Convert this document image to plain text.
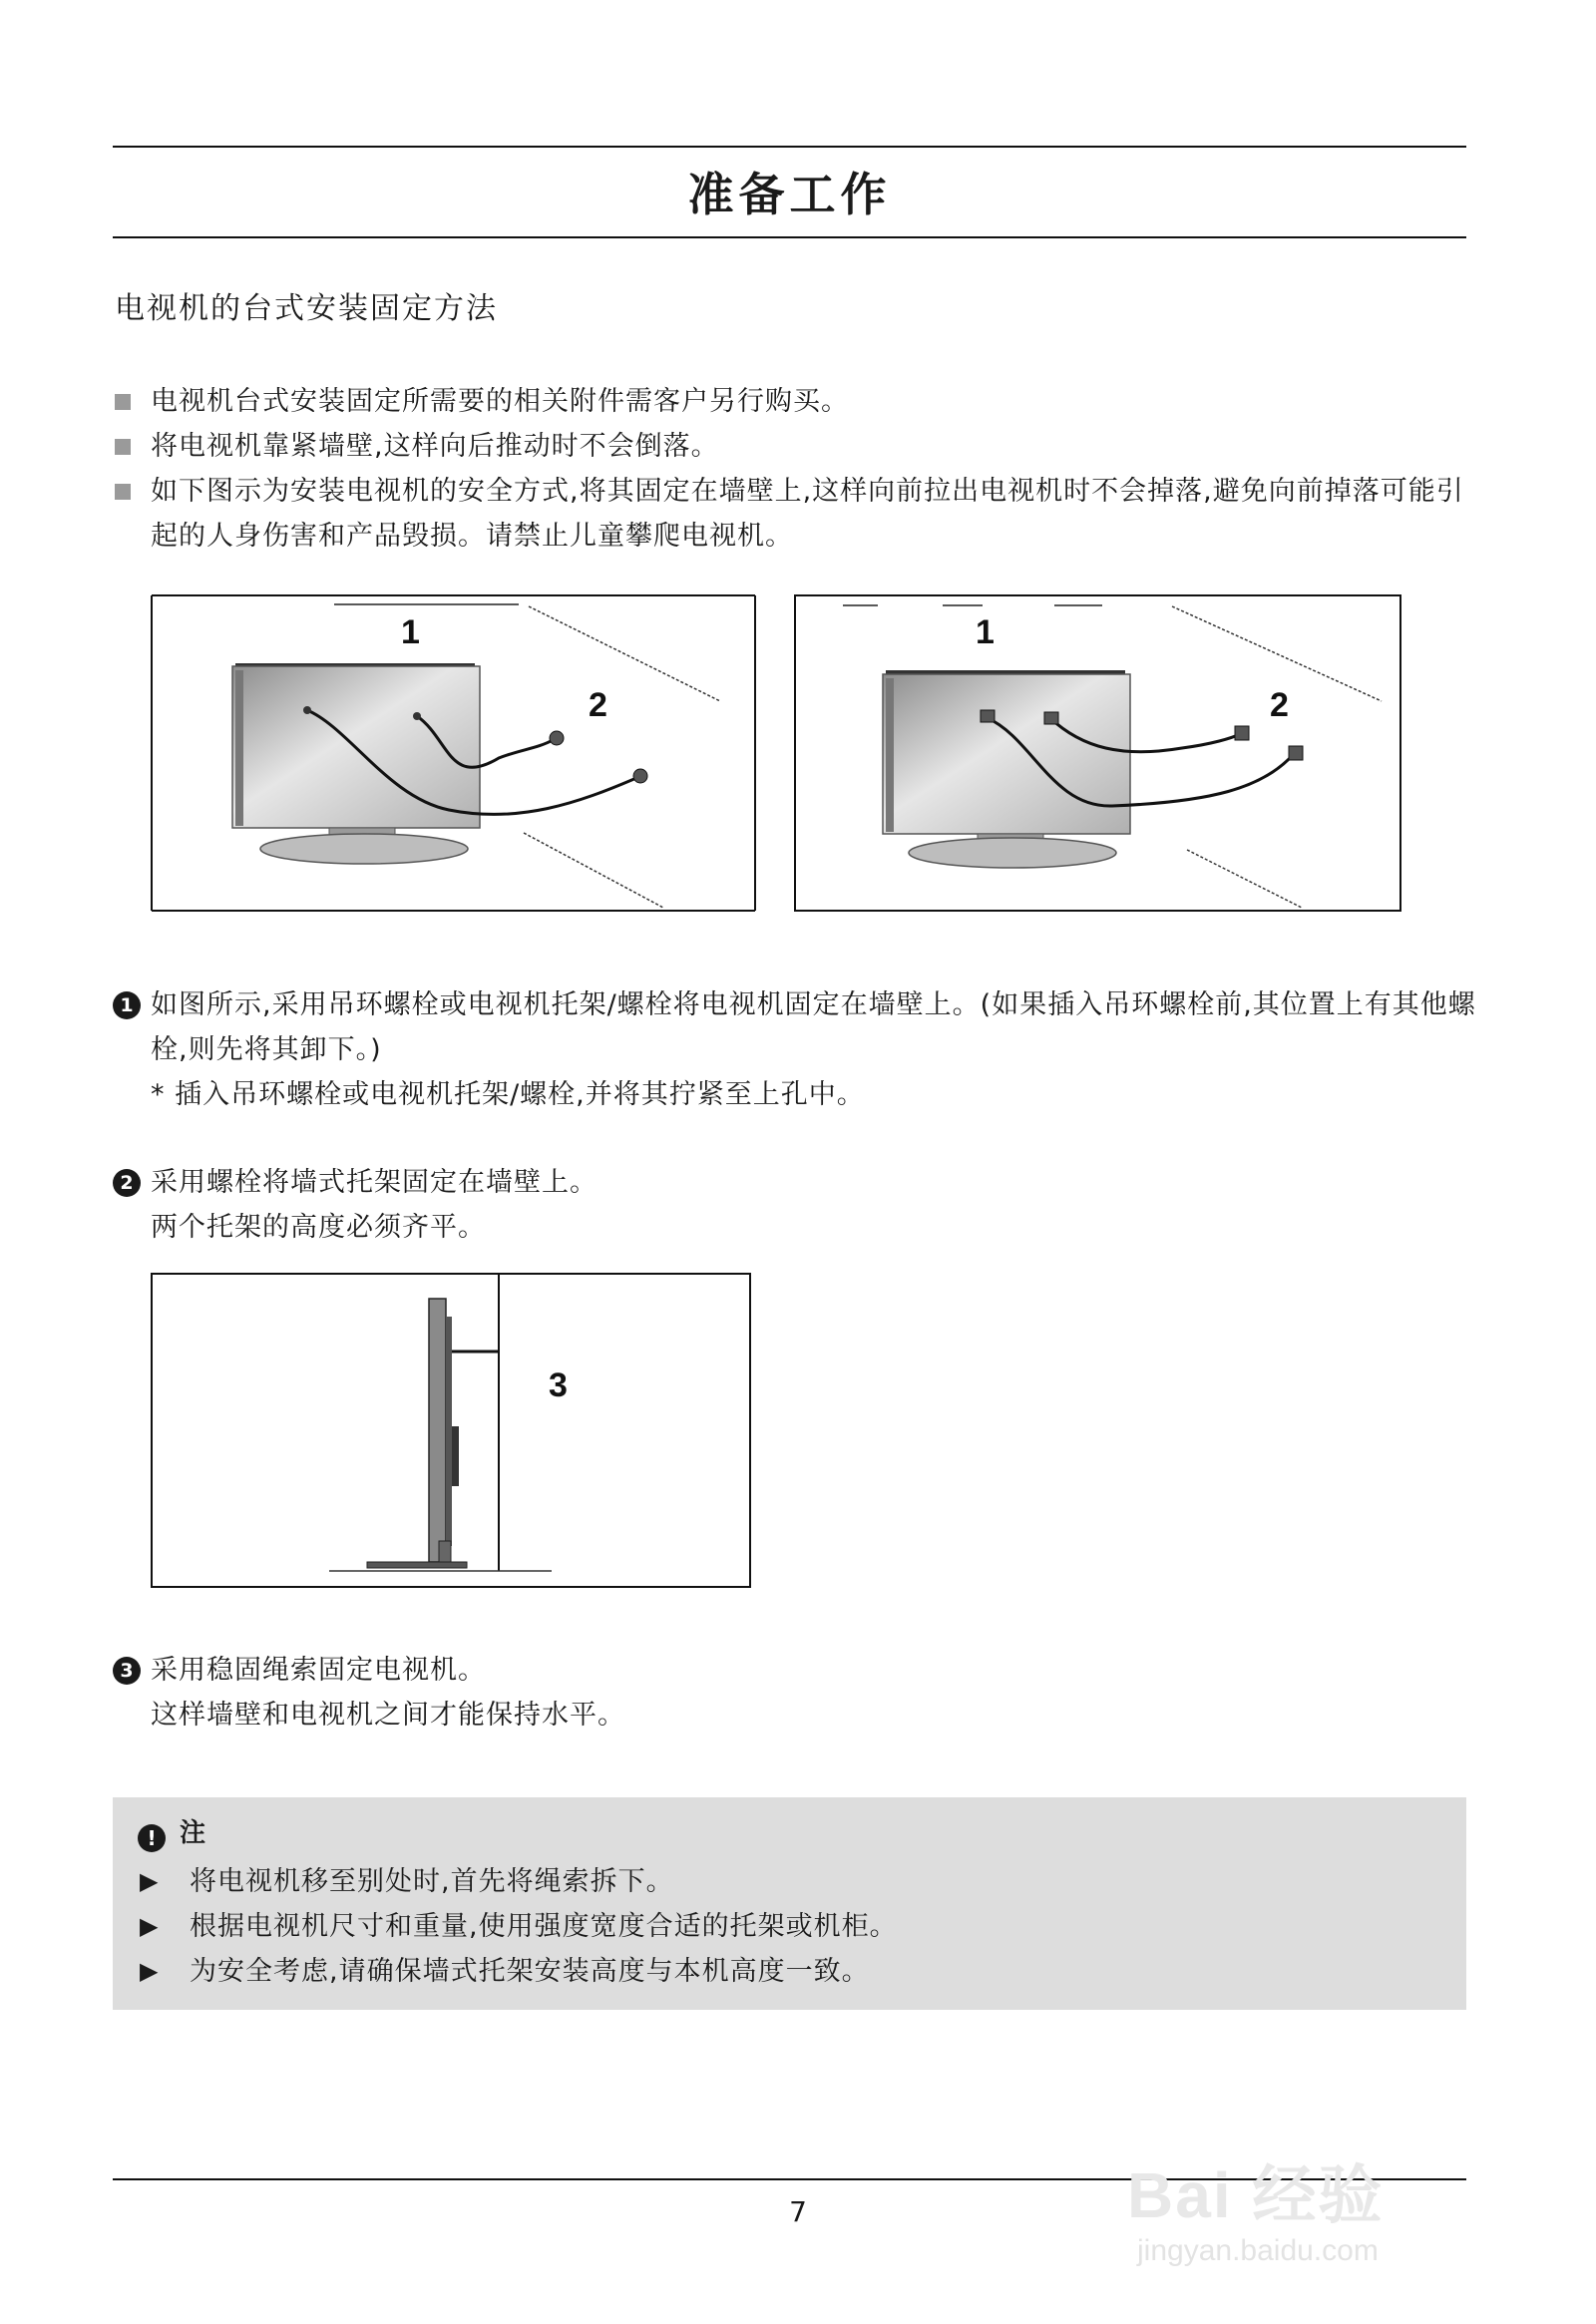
准备工作
电视机的台式安装固定方法
电视机台式安装固定所需要的相关附件需客户另行购买。
将电视机靠紧墙壁,这样向后推动时不会倒落。
如下图示为安装电视机的安全方式,将其固定在墙壁上,这样向前拉出电视机时不会掉落,避免向前掉落可能引起的人身伤害和产品毁损。请禁止儿童攀爬电视机。
1
2
1
2
1 如图所示,采用吊环螺栓或电视机托架/螺栓将电视机固定在墙壁上。(如果插入吊环螺栓前,其位置上有其他螺栓,则先将其卸下。)
* 插入吊环螺栓或电视机托架/螺栓,并将其拧紧至上孔中。
2 采用螺栓将墙式托架固定在墙壁上。
两个托架的高度必须齐平。
3
3 采用稳固绳索固定电视机。
这样墙壁和电视机之间才能保持水平。
! 注
▶ 将电视机移至别处时,首先将绳索拆下。
▶ 根据电视机尺寸和重量,使用强度宽度合适的托架或机柜。
▶ 为安全考虑,请确保墙式托架安装高度与本机高度一致。
7	Bai 经验
jingyan.baidu.com
